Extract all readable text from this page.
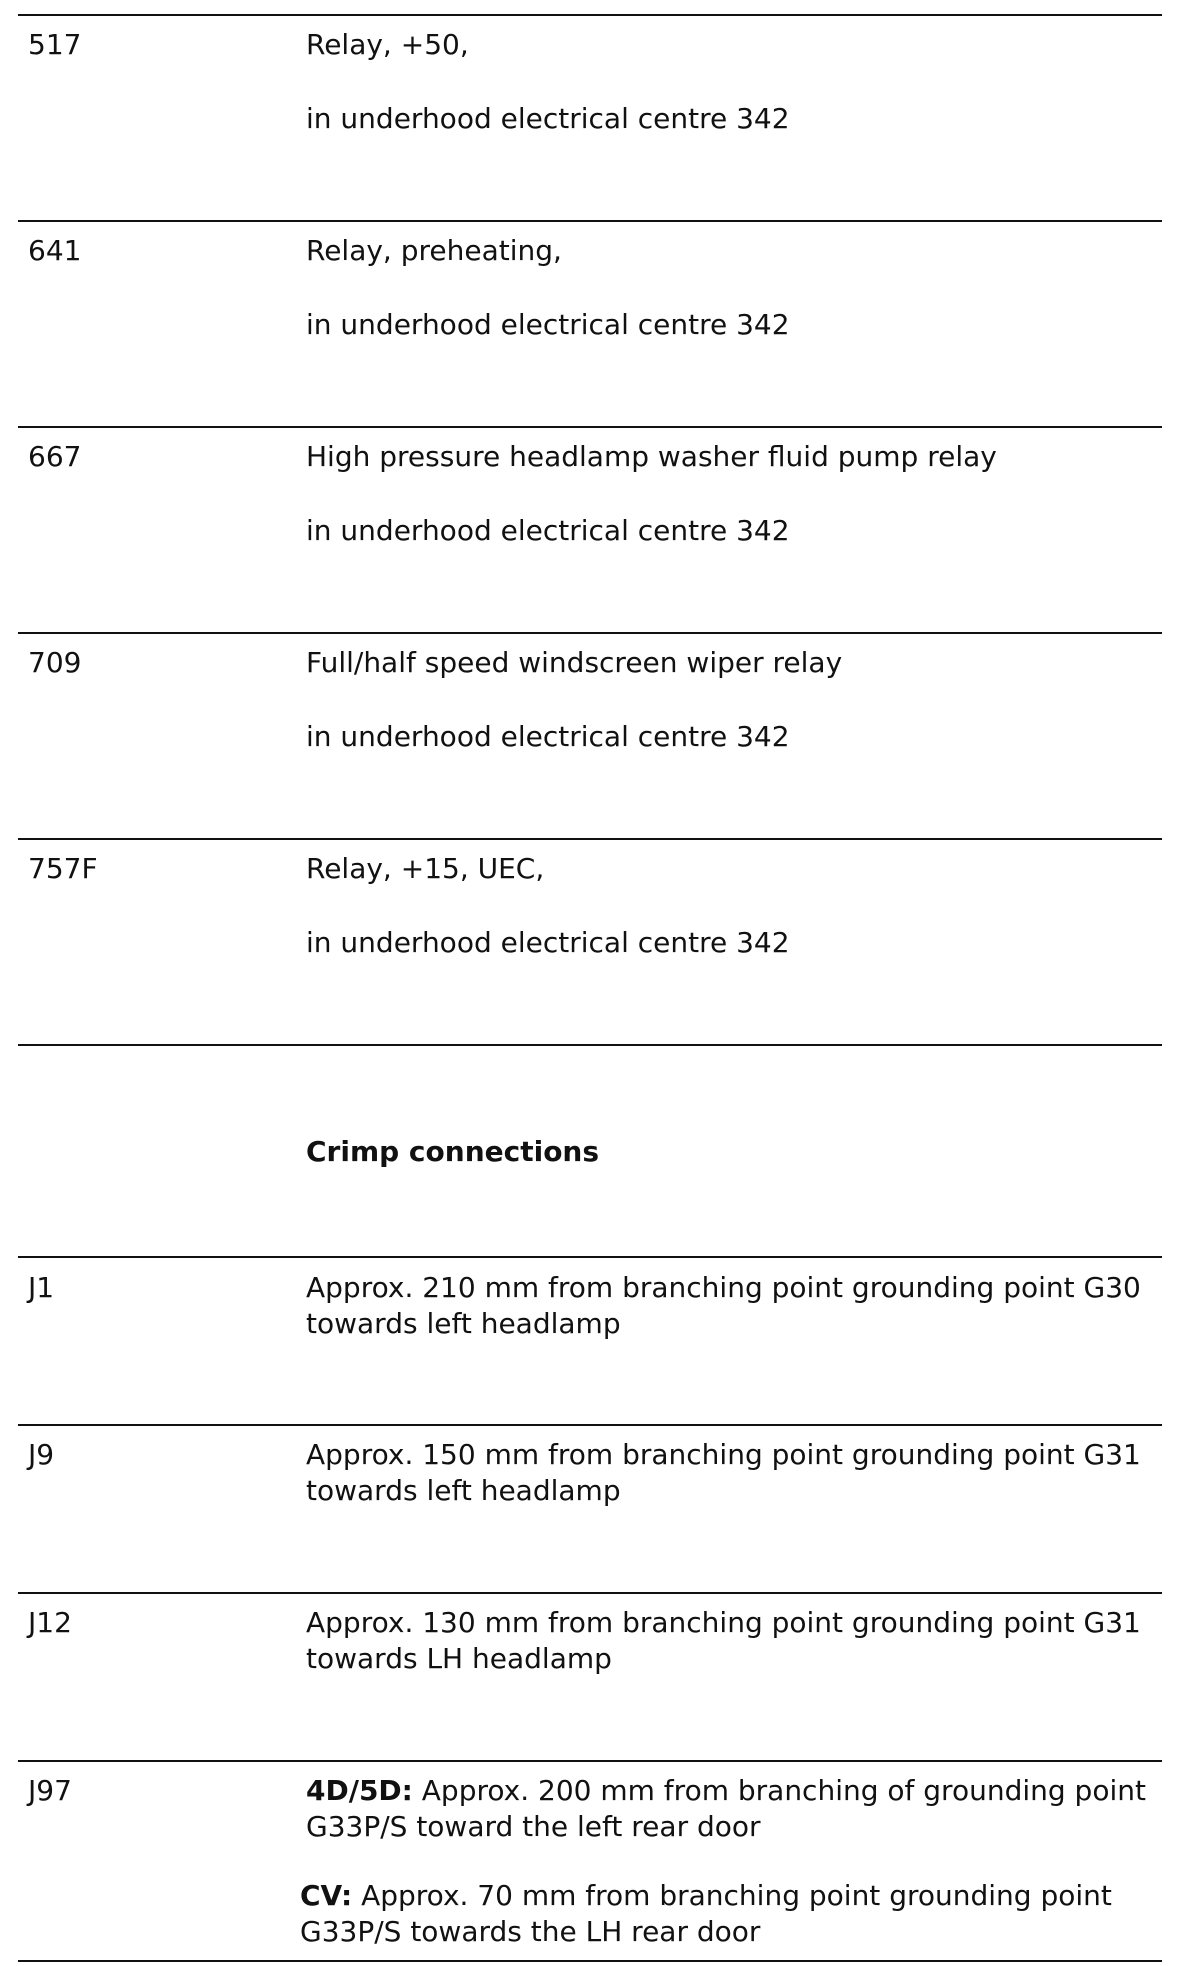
517	Relay, +50,

in underhood electrical centre 342

641	Relay, preheating,

in underhood electrical centre 342

667	High pressure headlamp washer fluid pump relay

in underhood electrical centre 342

709	Full/half speed windscreen wiper relay

in underhood electrical centre 342

757F	Relay, +15, UEC,

in underhood electrical centre 342

Crimp connections
J1	Approx. 210 mm from branching point grounding point G30 towards left headlamp
J9	Approx. 150 mm from branching point grounding point G31 towards left headlamp
J12	Approx. 130 mm from branching point grounding point G31 towards LH headlamp
J97	4D/5D: Approx. 200 mm from branching of grounding point G33P/S toward the left rear door

CV: Approx. 70 mm from branching point grounding point G33P/S towards the LH rear door
